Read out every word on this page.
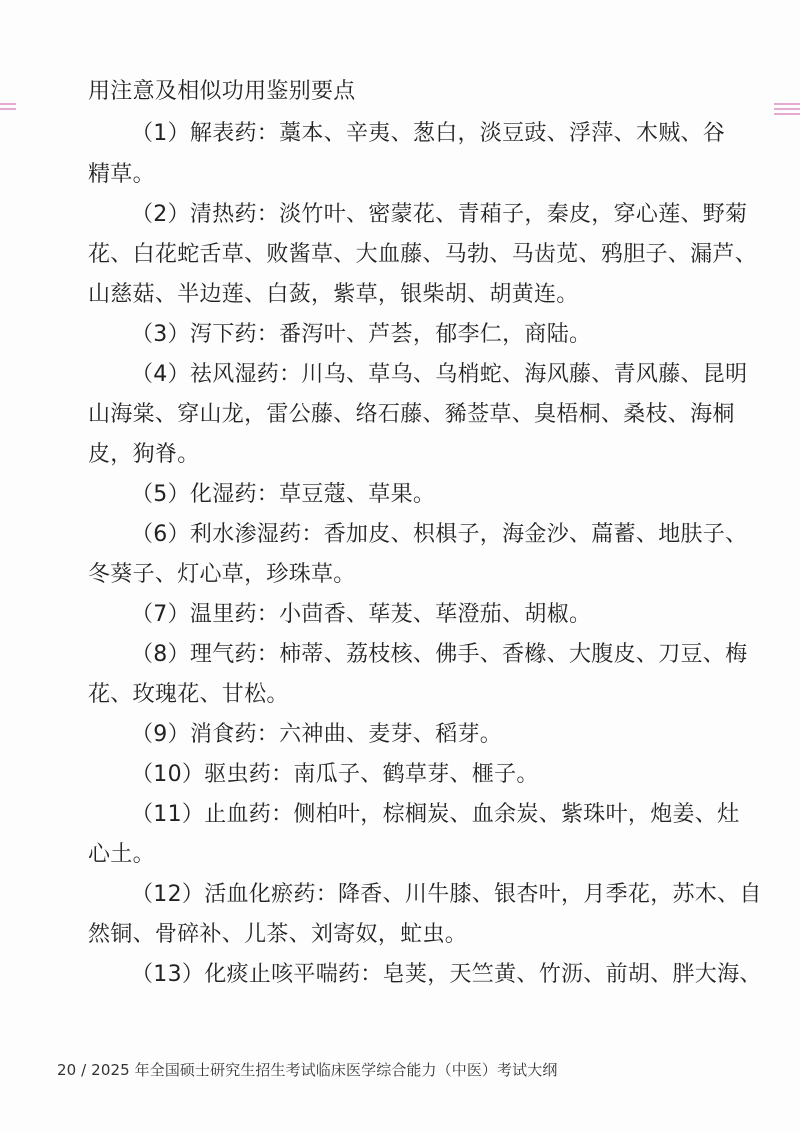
用注意及相似功用鉴别要点
（1）解表药：藁本、辛夷、葱白，淡豆豉、浮萍、木贼、谷
精草。
（2）清热药：淡竹叶、密蒙花、青葙子，秦皮，穿心莲、野菊
花、白花蛇舌草、败酱草、大血藤、马勃、马齿苋、鸦胆子、漏芦、
山慈菇、半边莲、白蔹，紫草，银柴胡、胡黄连。
（3）泻下药：番泻叶、芦荟，郁李仁，商陆。
（4）祛风湿药：川乌、草乌、乌梢蛇、海风藤、青风藤、昆明
山海棠、穿山龙，雷公藤、络石藤、豨莶草、臭梧桐、桑枝、海桐
皮，狗脊。
（5）化湿药：草豆蔻、草果。
（6）利水渗湿药：香加皮、枳椇子，海金沙、萹蓄、地肤子、
冬葵子、灯心草，珍珠草。
（7）温里药：小茴香、荜茇、荜澄茄、胡椒。
（8）理气药：柿蒂、荔枝核、佛手、香橼、大腹皮、刀豆、梅
花、玫瑰花、甘松。
（9）消食药：六神曲、麦芽、稻芽。
（10）驱虫药：南瓜子、鹤草芽、榧子。
（11）止血药：侧柏叶，棕榈炭、血余炭、紫珠叶，炮姜、灶
心土。
（12）活血化瘀药：降香、川牛膝、银杏叶，月季花，苏木、自
然铜、骨碎补、儿茶、刘寄奴，虻虫。
（13）化痰止咳平喘药：皂荚，天竺黄、竹沥、前胡、胖大海、
20 / 2025 年全国硕士研究生招生考试临床医学综合能力（中医）考试大纲
